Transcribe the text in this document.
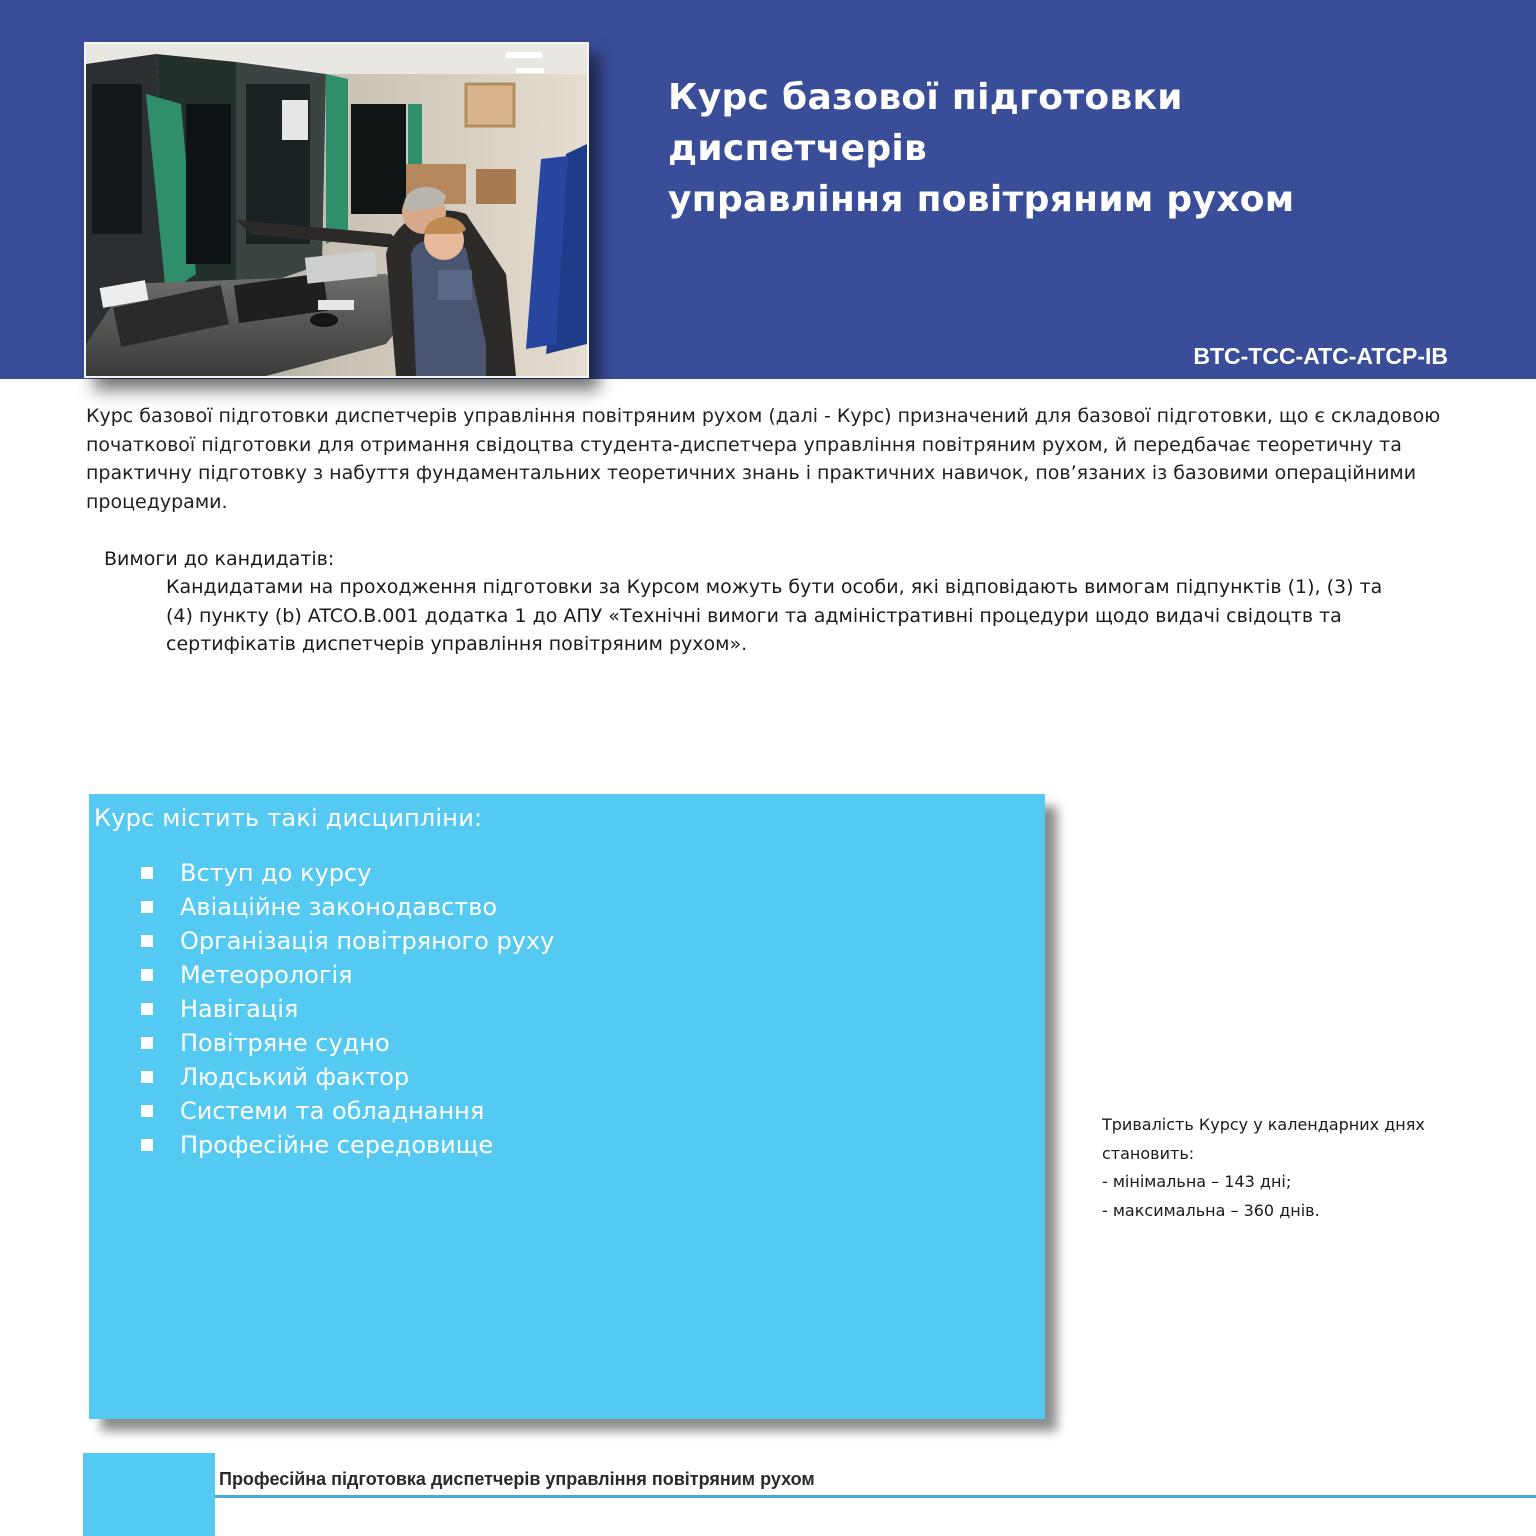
Курс базової підготовки диспетчерів
управління повітряним рухом
BTC-TCC-ATC-ATCP-IB

Курс базової підготовки диспетчерів управління повітряним рухом (далі - Курс) призначений для базової підготовки, що є складовою початкової підготовки для отримання свідоцтва студента-диспетчера управління повітряним рухом, й передбачає теоретичну та практичну підготовку з набуття фундаментальних теоретичних знань і практичних навичок, пов’язаних із базовими операційними процедурами.

Вимоги до кандидатів:

Кандидатами на проходження підготовки за Курсом можуть бути особи, які відповідають вимогам підпунктів (1), (3) та (4) пункту (b) ATCO.B.001 додатка 1 до АПУ «Технічні вимоги та адміністративні процедури щодо видачі свідоцтв та сертифікатів диспетчерів управління повітряним рухом».

Курс містить такі дисципліни:

Вступ до курсу
Авіаційне законодавство
Організація повітряного руху
Метеорологія
Навігація
Повітряне судно
Людський фактор
Системи та обладнання
Професійне середовище
Тривалість Курсу у календарних днях
становить:
- мінімальна – 143 дні;
- максимальна – 360 днів.
Професійна підготовка диспетчерів управління повітряним рухом
